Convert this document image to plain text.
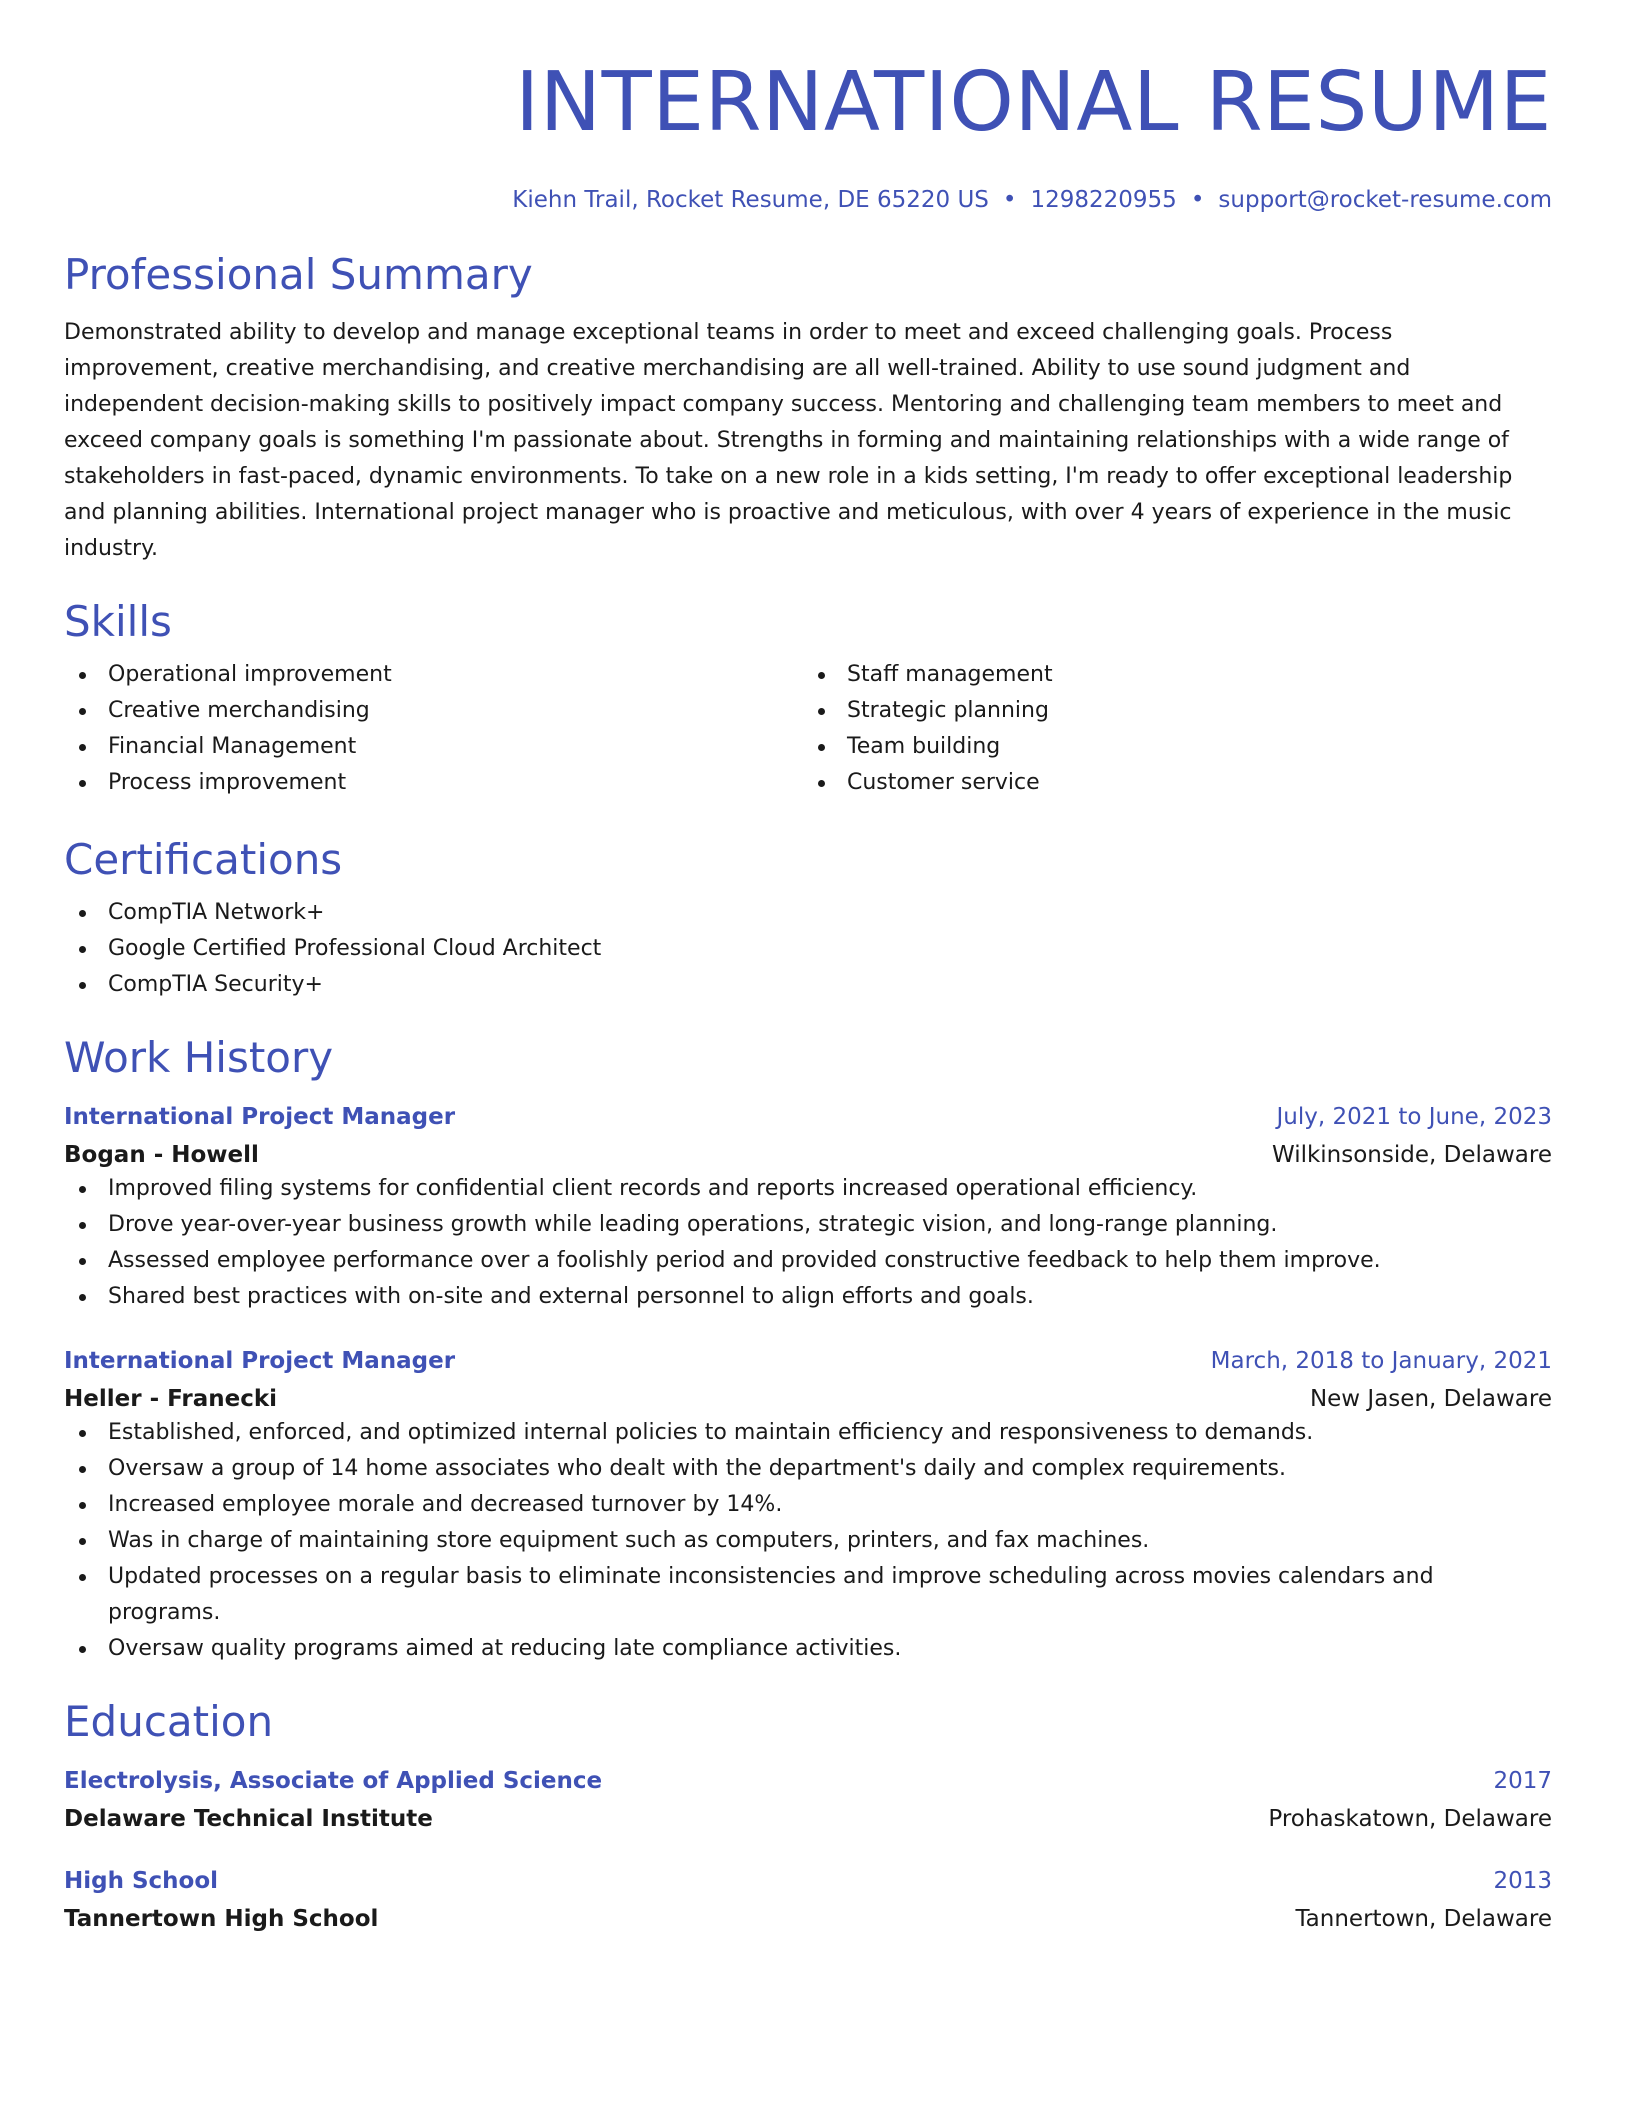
INTERNATIONAL RESUME
Kiehn Trail, Rocket Resume, DE 65220 US • 1298220955 • support@rocket-resume.com
Professional Summary
Demonstrated ability to develop and manage exceptional teams in order to meet and exceed challenging goals. Process improvement, creative merchandising, and creative merchandising are all well-trained. Ability to use sound judgment and independent decision-making skills to positively impact company success. Mentoring and challenging team members to meet and exceed company goals is something I'm passionate about. Strengths in forming and maintaining relationships with a wide range of stakeholders in fast-paced, dynamic environments. To take on a new role in a kids setting, I'm ready to offer exceptional leadership and planning abilities. International project manager who is proactive and meticulous, with over 4 years of experience in the music industry.
Skills
Operational improvement
Creative merchandising
Financial Management
Process improvement
Staff management
Strategic planning
Team building
Customer service
Certifications
CompTIA Network+
Google Certified Professional Cloud Architect
CompTIA Security+
Work History
International Project Manager	July, 2021 to June, 2023
Bogan - Howell	Wilkinsonside, Delaware
Improved filing systems for confidential client records and reports increased operational efficiency.
Drove year-over-year business growth while leading operations, strategic vision, and long-range planning.
Assessed employee performance over a foolishly period and provided constructive feedback to help them improve.
Shared best practices with on-site and external personnel to align efforts and goals.
International Project Manager	March, 2018 to January, 2021
Heller - Franecki	New Jasen, Delaware
Established, enforced, and optimized internal policies to maintain efficiency and responsiveness to demands.
Oversaw a group of 14 home associates who dealt with the department's daily and complex requirements.
Increased employee morale and decreased turnover by 14%.
Was in charge of maintaining store equipment such as computers, printers, and fax machines.
Updated processes on a regular basis to eliminate inconsistencies and improve scheduling across movies calendars and programs.
Oversaw quality programs aimed at reducing late compliance activities.
Education
Electrolysis, Associate of Applied Science	2017
Delaware Technical Institute	Prohaskatown, Delaware
High School	2013
Tannertown High School	Tannertown, Delaware
